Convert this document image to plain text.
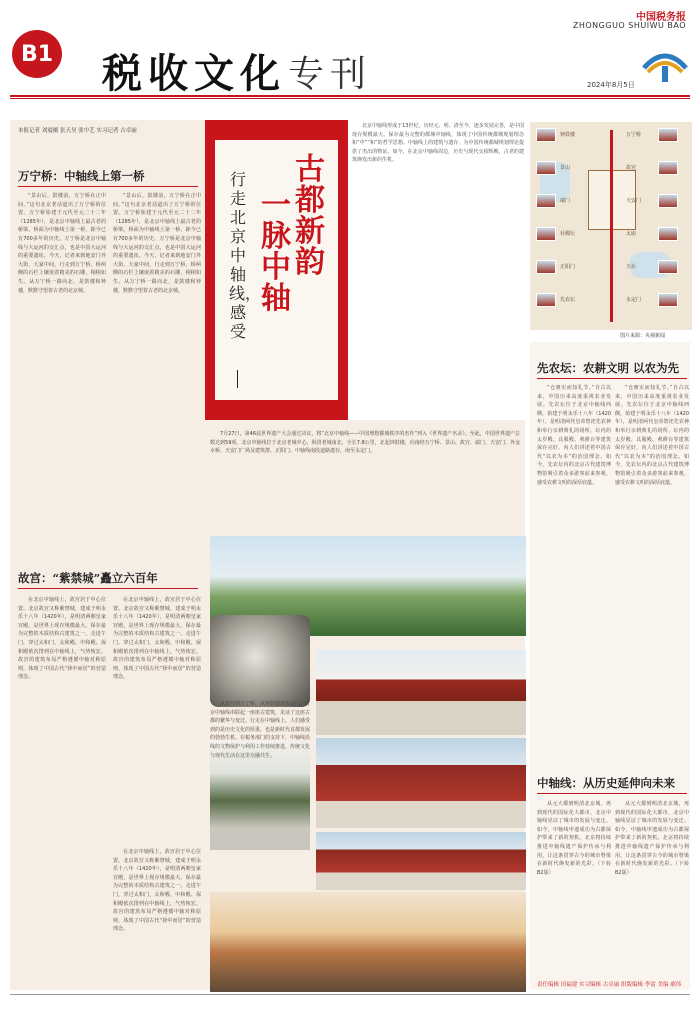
B1 税收文化 专刊
中国税务报
ZHONGGUO SHUIWU BAO
2024年8月5日
本报记者 刘震摄 张天昊 张中艺 实习记者 古卓丽
万宁桥：中轴线上第一桥
“景山后，鼓楼前，万宁桥在正中间。”这句北京老话道出了万宁桥的位置。万宁桥始建于元代至元二十二年（1285年），是北京中轴线上最古老的桥梁。桥面为中轴线上第一桥，距今已有700多年的历史。万宁桥是北京中轴线与大运河的交汇点，也是中国大运河的重要遗址。今天，记者来到地安门外大街，大家中间，行走到万宁桥，桥两侧的石栏上镶嵌着精美的石雕，栩栩如生。从万宁桥一路向北，是鼓楼和钟楼，默默守望着古老的北京城。
“景山后，鼓楼前，万宁桥在正中间。”这句北京老话道出了万宁桥的位置。万宁桥始建于元代至元二十二年（1285年），是北京中轴线上最古老的桥梁。桥面为中轴线上第一桥，距今已有700多年的历史。万宁桥是北京中轴线与大运河的交汇点，也是中国大运河的重要遗址。今天，记者来到地安门外大街，大家中间，行走到万宁桥，桥两侧的石栏上镶嵌着精美的石雕，栩栩如生。从万宁桥一路向北，是鼓楼和钟楼，默默守望着古老的北京城。
故宫：“紫禁城”矗立六百年
在北京中轴线上，故宫居于中心位置。北京故宫又称紫禁城，建成于明永乐十八年（1420年），是明清两朝皇家宫殿，是世界上现存规模最大、保存最为完整的木质结构古建筑之一。走进午门，穿过太和门，太和殿、中和殿、保和殿依次排列在中轴线上，气势恢宏。故宫的建筑布局严格遵循中轴对称原则，体现了中国古代“择中而居”的营造理念。
在北京中轴线上，故宫居于中心位置。北京故宫又称紫禁城，建成于明永乐十八年（1420年），是明清两朝皇家宫殿，是世界上现存规模最大、保存最为完整的木质结构古建筑之一。走进午门，穿过太和门，太和殿、中和殿、保和殿依次排列在中轴线上，气势恢宏。故宫的建筑布局严格遵循中轴对称原则，体现了中国古代“择中而居”的营造理念。
在北京中轴线上，故宫居于中心位置。北京故宫又称紫禁城，建成于明永乐十八年（1420年），是明清两朝皇家宫殿，是世界上现存规模最大、保存最为完整的木质结构古建筑之一。走进午门，穿过太和门，太和殿、中和殿、保和殿依次排列在中轴线上，气势恢宏。故宫的建筑布局严格遵循中轴对称原则，体现了中国古代“择中而居”的营造理念。
古都新韵
一脉中轴
行走北京中轴线，感受
北京中轴线形成于13世纪，历经元、明、清至今，逐步发展完善，是中国现存规模最大、保存最为完整的都城中轴线，体现了中国传统都城规划理念和“中”“和”的哲学思想。中轴线上的建筑与遗存，为中国传统都城规划理论提供了杰出的物证。如今，在北京中轴线周边，历史与现代交相辉映，古老的建筑焕发出新的生机。
7月27日，第46届世界遗产大会通过决议，将“北京中轴线——中国理想都城秩序的杰作”列入《世界遗产名录》。至此，中国世界遗产总数达到59项。北京中轴线位于北京老城中心，纵贯老城南北，全长7.8公里，北起钟鼓楼，向南经万宁桥、景山、故宫、端门、天安门、外金水桥、天安门广场及建筑群、正阳门、中轴线南段道路遗存，南至永定门。
从故宫到万宁桥，从钟鼓楼到永定门，北京中轴线串联起一座座古建筑，见证了这座古都的繁华与变迁。行走在中轴线上，人们感受到的是历史文化的厚重，也是新时代首都发展的勃勃生机。在税务部门的支持下，中轴线沿线的文物保护与利用工作持续推进，传统文化与现代生活在这里交融共生。
钟鼓楼	万宁桥
景山	故宫
端门	天安门
社稷坛	太庙
正阳门	天坛
先农坛	永定门
图片来源：央视新闻
先农坛：农耕文明 以农为先
“仓廪实而知礼节。”自古以来，中国历来高度重视农业发展。先农坛位于北京中轴线西侧，始建于明永乐十八年（1420年），是明清两代皇帝祭祀先农神和举行亲耕典礼的场所。坛内的太岁殿、具服殿、观耕台等建筑保存完好，向人们讲述着中国古代“以农为本”的治国理念。如今，先农坛内的北京古代建筑博物馆吸引着众多游客前来参观，感受农耕文明的深厚底蕴。
“仓廪实而知礼节。”自古以来，中国历来高度重视农业发展。先农坛位于北京中轴线西侧，始建于明永乐十八年（1420年），是明清两代皇帝祭祀先农神和举行亲耕典礼的场所。坛内的太岁殿、具服殿、观耕台等建筑保存完好，向人们讲述着中国古代“以农为本”的治国理念。如今，先农坛内的北京古代建筑博物馆吸引着众多游客前来参观，感受农耕文明的深厚底蕴。
中轴线：从历史延伸向未来
从元大都到明清北京城，再到现代的国际化大都市，北京中轴线见证了城市的发展与变迁。如今，中轴线申遗成功为古都保护带来了新的契机。北京将持续推进中轴线遗产保护传承与利用，让这条贯穿古今的城市脊梁在新时代焕发新的光彩。（下转B2版）
从元大都到明清北京城，再到现代的国际化大都市，北京中轴线见证了城市的发展与变迁。如今，中轴线申遗成功为古都保护带来了新的契机。北京将持续推进中轴线遗产保护传承与利用，让这条贯穿古今的城市脊梁在新时代焕发新的光彩。（下转B2版）
责任编辑 田福建 实习编辑 古卓丽 组版编辑 李雷 美编 郝伟
